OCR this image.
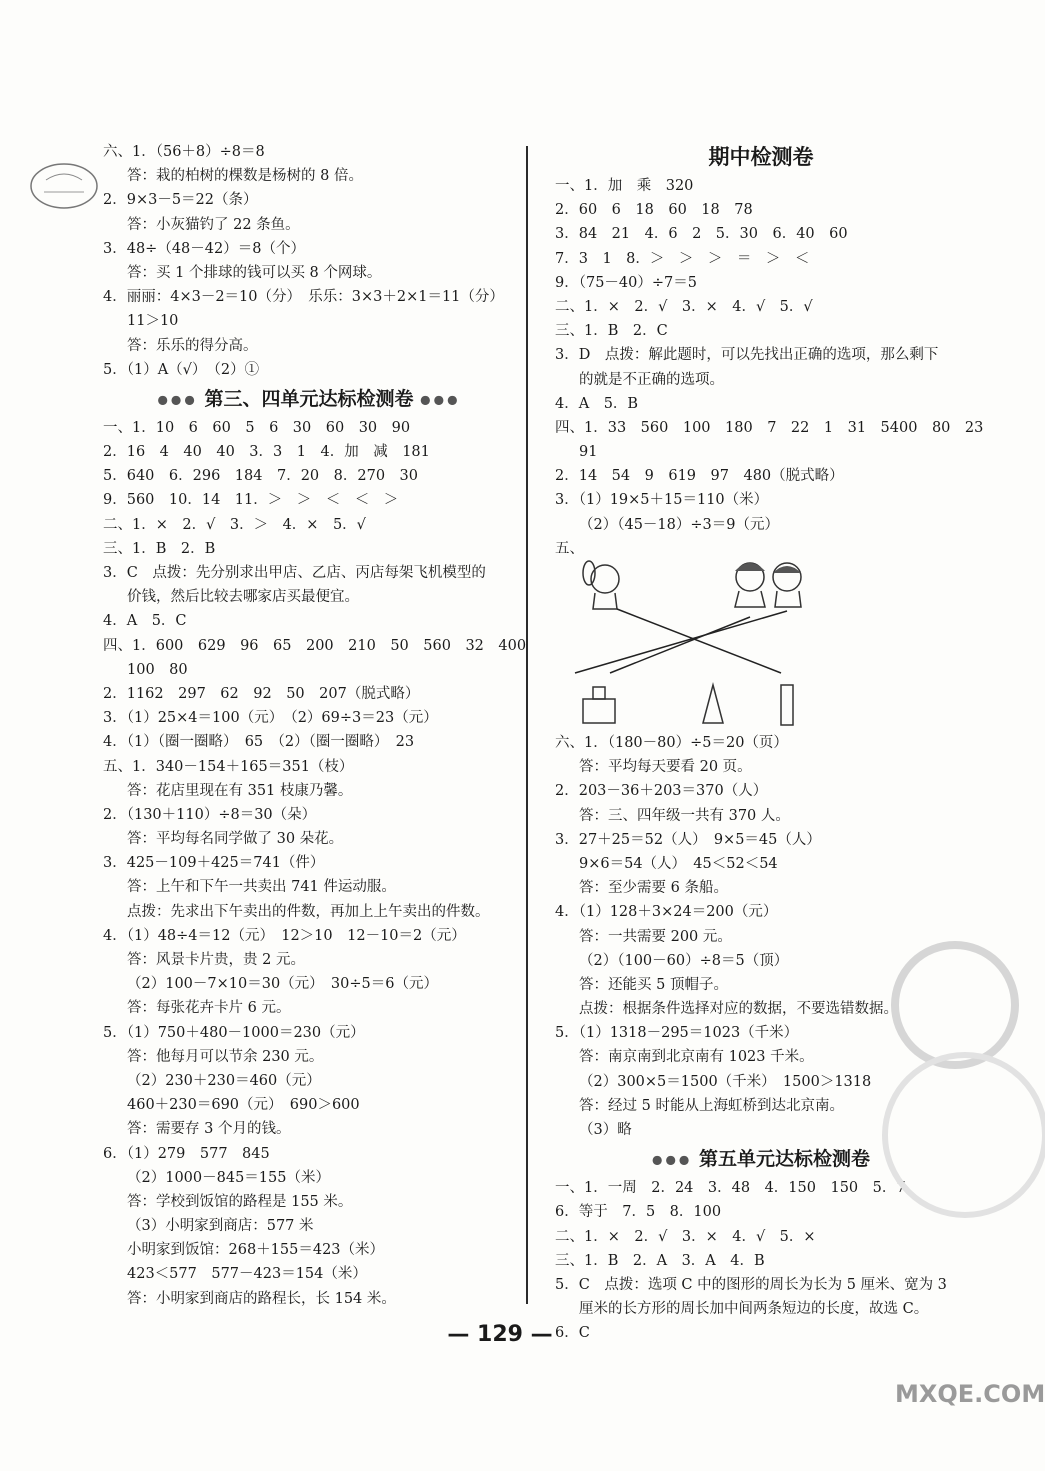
六、1．（56＋8）÷8＝8
答：栽的柏树的棵数是杨树的 8 倍。
2．9×3－5＝22（条）
答：小灰猫钓了 22 条鱼。
3．48÷（48－42）＝8（个）
答：买 1 个排球的钱可以买 8 个网球。
4．丽丽：4×3－2＝10（分）　乐乐：3×3＋2×1＝11（分）
11＞10
答：乐乐的得分高。
5．（1）A（√）　（2）①
●●● 第三、四单元达标检测卷 ●●●
一、1．10　6　60　5　6　30　60　30　90
2．16　4　40　40　3．3　1　4．加　减　181
5．640　6．296　184　7．20　8．270　30
9．560　10．14　11．＞　＞　＜　＜　＞
二、1．×　2．√　3．＞　4．×　5．√
三、1．B　2．B
3．C　点拨：先分别求出甲店、乙店、丙店每架飞机模型的
价钱，然后比较去哪家店买最便宜。
4．A　5．C
四、1．600　629　96　65　200　210　50　560　32　400
100　80
2．1162　297　62　92　50　207（脱式略）
3．（1）25×4＝100（元）　（2）69÷3＝23（元）
4．（1）（圈一圈略）　65　（2）（圈一圈略）　23
五、1．340－154＋165＝351（枝）
答：花店里现在有 351 枝康乃馨。
2．（130＋110）÷8＝30（朵）
答：平均每名同学做了 30 朵花。
3．425－109＋425＝741（件）
答：上午和下午一共卖出 741 件运动服。
点拨：先求出下午卖出的件数，再加上上午卖出的件数。
4．（1）48÷4＝12（元）　12＞10　12－10＝2（元）
答：风景卡片贵，贵 2 元。
（2）100－7×10＝30（元）　30÷5＝6（元）
答：每张花卉卡片 6 元。
5．（1）750＋480－1000＝230（元）
答：他每月可以节余 230 元。
（2）230＋230＝460（元）
460＋230＝690（元）　690＞600
答：需要存 3 个月的钱。
6．（1）279　577　845
（2）1000－845＝155（米）
答：学校到饭馆的路程是 155 米。
（3）小明家到商店：577 米
小明家到饭馆：268＋155＝423（米）
423＜577　577－423＝154（米）
答：小明家到商店的路程长，长 154 米。
期中检测卷
一、1．加　乘　320
2．60　6　18　60　18　78
3．84　21　4．6　2　5．30　6．40　60
7．3　1　8．＞　＞　＞　＝　＞　＜
9．（75－40）÷7＝5
二、1．×　2．√　3．×　4．√　5．√
三、1．B　2．C
3．D　点拨：解此题时，可以先找出正确的选项，那么剩下
的就是不正确的选项。
4．A　5．B
四、1．33　560　100　180　7　22　1　31　5400　80　23
91
2．14　54　9　619　97　480（脱式略）
3．（1）19×5＋15＝110（米）
（2）（45－18）÷3＝9（元）
五、
六、1．（180－80）÷5＝20（页）
答：平均每天要看 20 页。
2．203－36＋203＝370（人）
答：三、四年级一共有 370 人。
3．27＋25＝52（人）　9×5＝45（人）
9×6＝54（人）　45＜52＜54
答：至少需要 6 条船。
4．（1）128＋3×24＝200（元）
答：一共需要 200 元。
（2）（100－60）÷8＝5（顶）
答：还能买 5 顶帽子。
点拨：根据条件选择对应的数据，不要选错数据。
5．（1）1318－295＝1023（千米）
答：南京南到北京南有 1023 千米。
（2）300×5＝1500（千米）　1500＞1318
答：经过 5 时能从上海虹桥到达北京南。
（3）略
●●● 第五单元达标检测卷
一、1．一周　2．24　3．48　4．150　150　5．7
6．等于　7．5　8．100
二、1．×　2．√　3．×　4．√　5．×
三、1．B　2．A　3．A　4．B
5．C　点拨：选项 C 中的图形的周长为长为 5 厘米、宽为 3
厘米的长方形的周长加中间两条短边的长度，故选 C。
6．C
— 129 —
MXQE.COM
